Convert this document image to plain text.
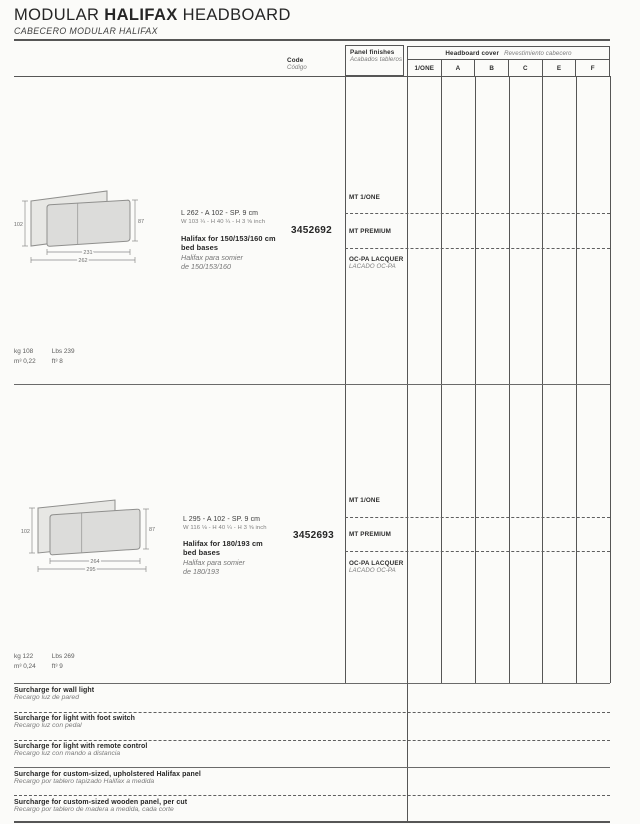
MODULAR HALIFAX HEADBOARD
CABECERO MODULAR HALIFAX
Code
Código
Panel finishes
Acabados tableros
Headboard cover Revestimiento cabecero
1/ONE	A	B	C	E	F
102	87
231
262
L 262 - A 102 - SP. 9 cm
W 103 ¼ - H 40 ¼ - H 3 ⅝ inch
Halifax for 150/153/160 cm
bed bases
Halifax para somier
de 150/153/160
3452692
MT 1/ONE
MT PREMIUM
OC-PA LACQUER
LACADO OC-PA
kg 108	Lbs 239
m³ 0,22	ft³ 8
102	87
264
295
L 295 - A 102 - SP. 9 cm
W 116 ⅛ - H 40 ¼ - H 3 ⅝ inch
Halifax for 180/193 cm
bed bases
Halifax para somier
de 180/193
3452693
MT 1/ONE
MT PREMIUM
OC-PA LACQUER
LACADO OC-PA
kg 122	Lbs 269
m³ 0,24	ft³ 9
Surcharge for wall light
Recargo luz de pared
Surcharge for light with foot switch
Recargo luz con pedal
Surcharge for light with remote control
Recargo luz con mando a distancia
Surcharge for custom-sized, upholstered Halifax panel
Recargo por tablero tapizado Halifax a medida
Surcharge for custom-sized wooden panel, per cut
Recargo por tablero de madera a medida, cada corte
